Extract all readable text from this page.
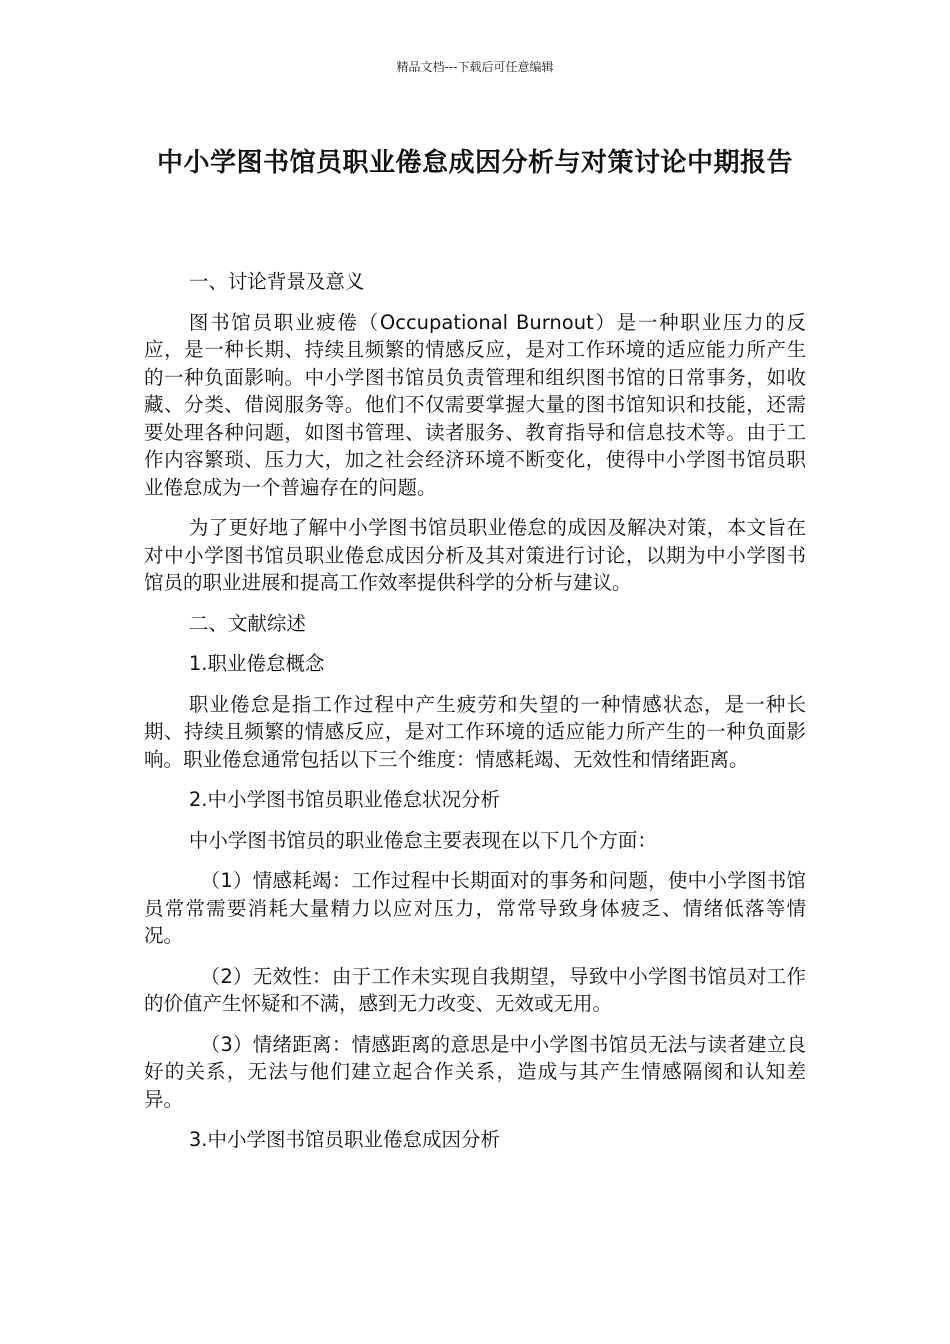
精品文档---下载后可任意编辑
中小学图书馆员职业倦怠成因分析与对策讨论中期报告

一、讨论背景及意义

图书馆员职业疲倦（Occupational Burnout）是一种职业压力的反应，是一种长期、持续且频繁的情感反应，是对工作环境的适应能力所产生的一种负面影响。中小学图书馆员负责管理和组织图书馆的日常事务，如收藏、分类、借阅服务等。他们不仅需要掌握大量的图书馆知识和技能，还需要处理各种问题，如图书管理、读者服务、教育指导和信息技术等。由于工作内容繁琐、压力大，加之社会经济环境不断变化，使得中小学图书馆员职业倦怠成为一个普遍存在的问题。

为了更好地了解中小学图书馆员职业倦怠的成因及解决对策，本文旨在对中小学图书馆员职业倦怠成因分析及其对策进行讨论，以期为中小学图书馆员的职业进展和提高工作效率提供科学的分析与建议。

二、文献综述

1.职业倦怠概念

职业倦怠是指工作过程中产生疲劳和失望的一种情感状态，是一种长期、持续且频繁的情感反应，是对工作环境的适应能力所产生的一种负面影响。职业倦怠通常包括以下三个维度：情感耗竭、无效性和情绪距离。

2.中小学图书馆员职业倦怠状况分析

中小学图书馆员的职业倦怠主要表现在以下几个方面：

（1）情感耗竭：工作过程中长期面对的事务和问题，使中小学图书馆员常常需要消耗大量精力以应对压力，常常导致身体疲乏、情绪低落等情况。

（2）无效性：由于工作未实现自我期望，导致中小学图书馆员对工作的价值产生怀疑和不满，感到无力改变、无效或无用。

（3）情绪距离：情感距离的意思是中小学图书馆员无法与读者建立良好的关系，无法与他们建立起合作关系，造成与其产生情感隔阂和认知差异。

3.中小学图书馆员职业倦怠成因分析
